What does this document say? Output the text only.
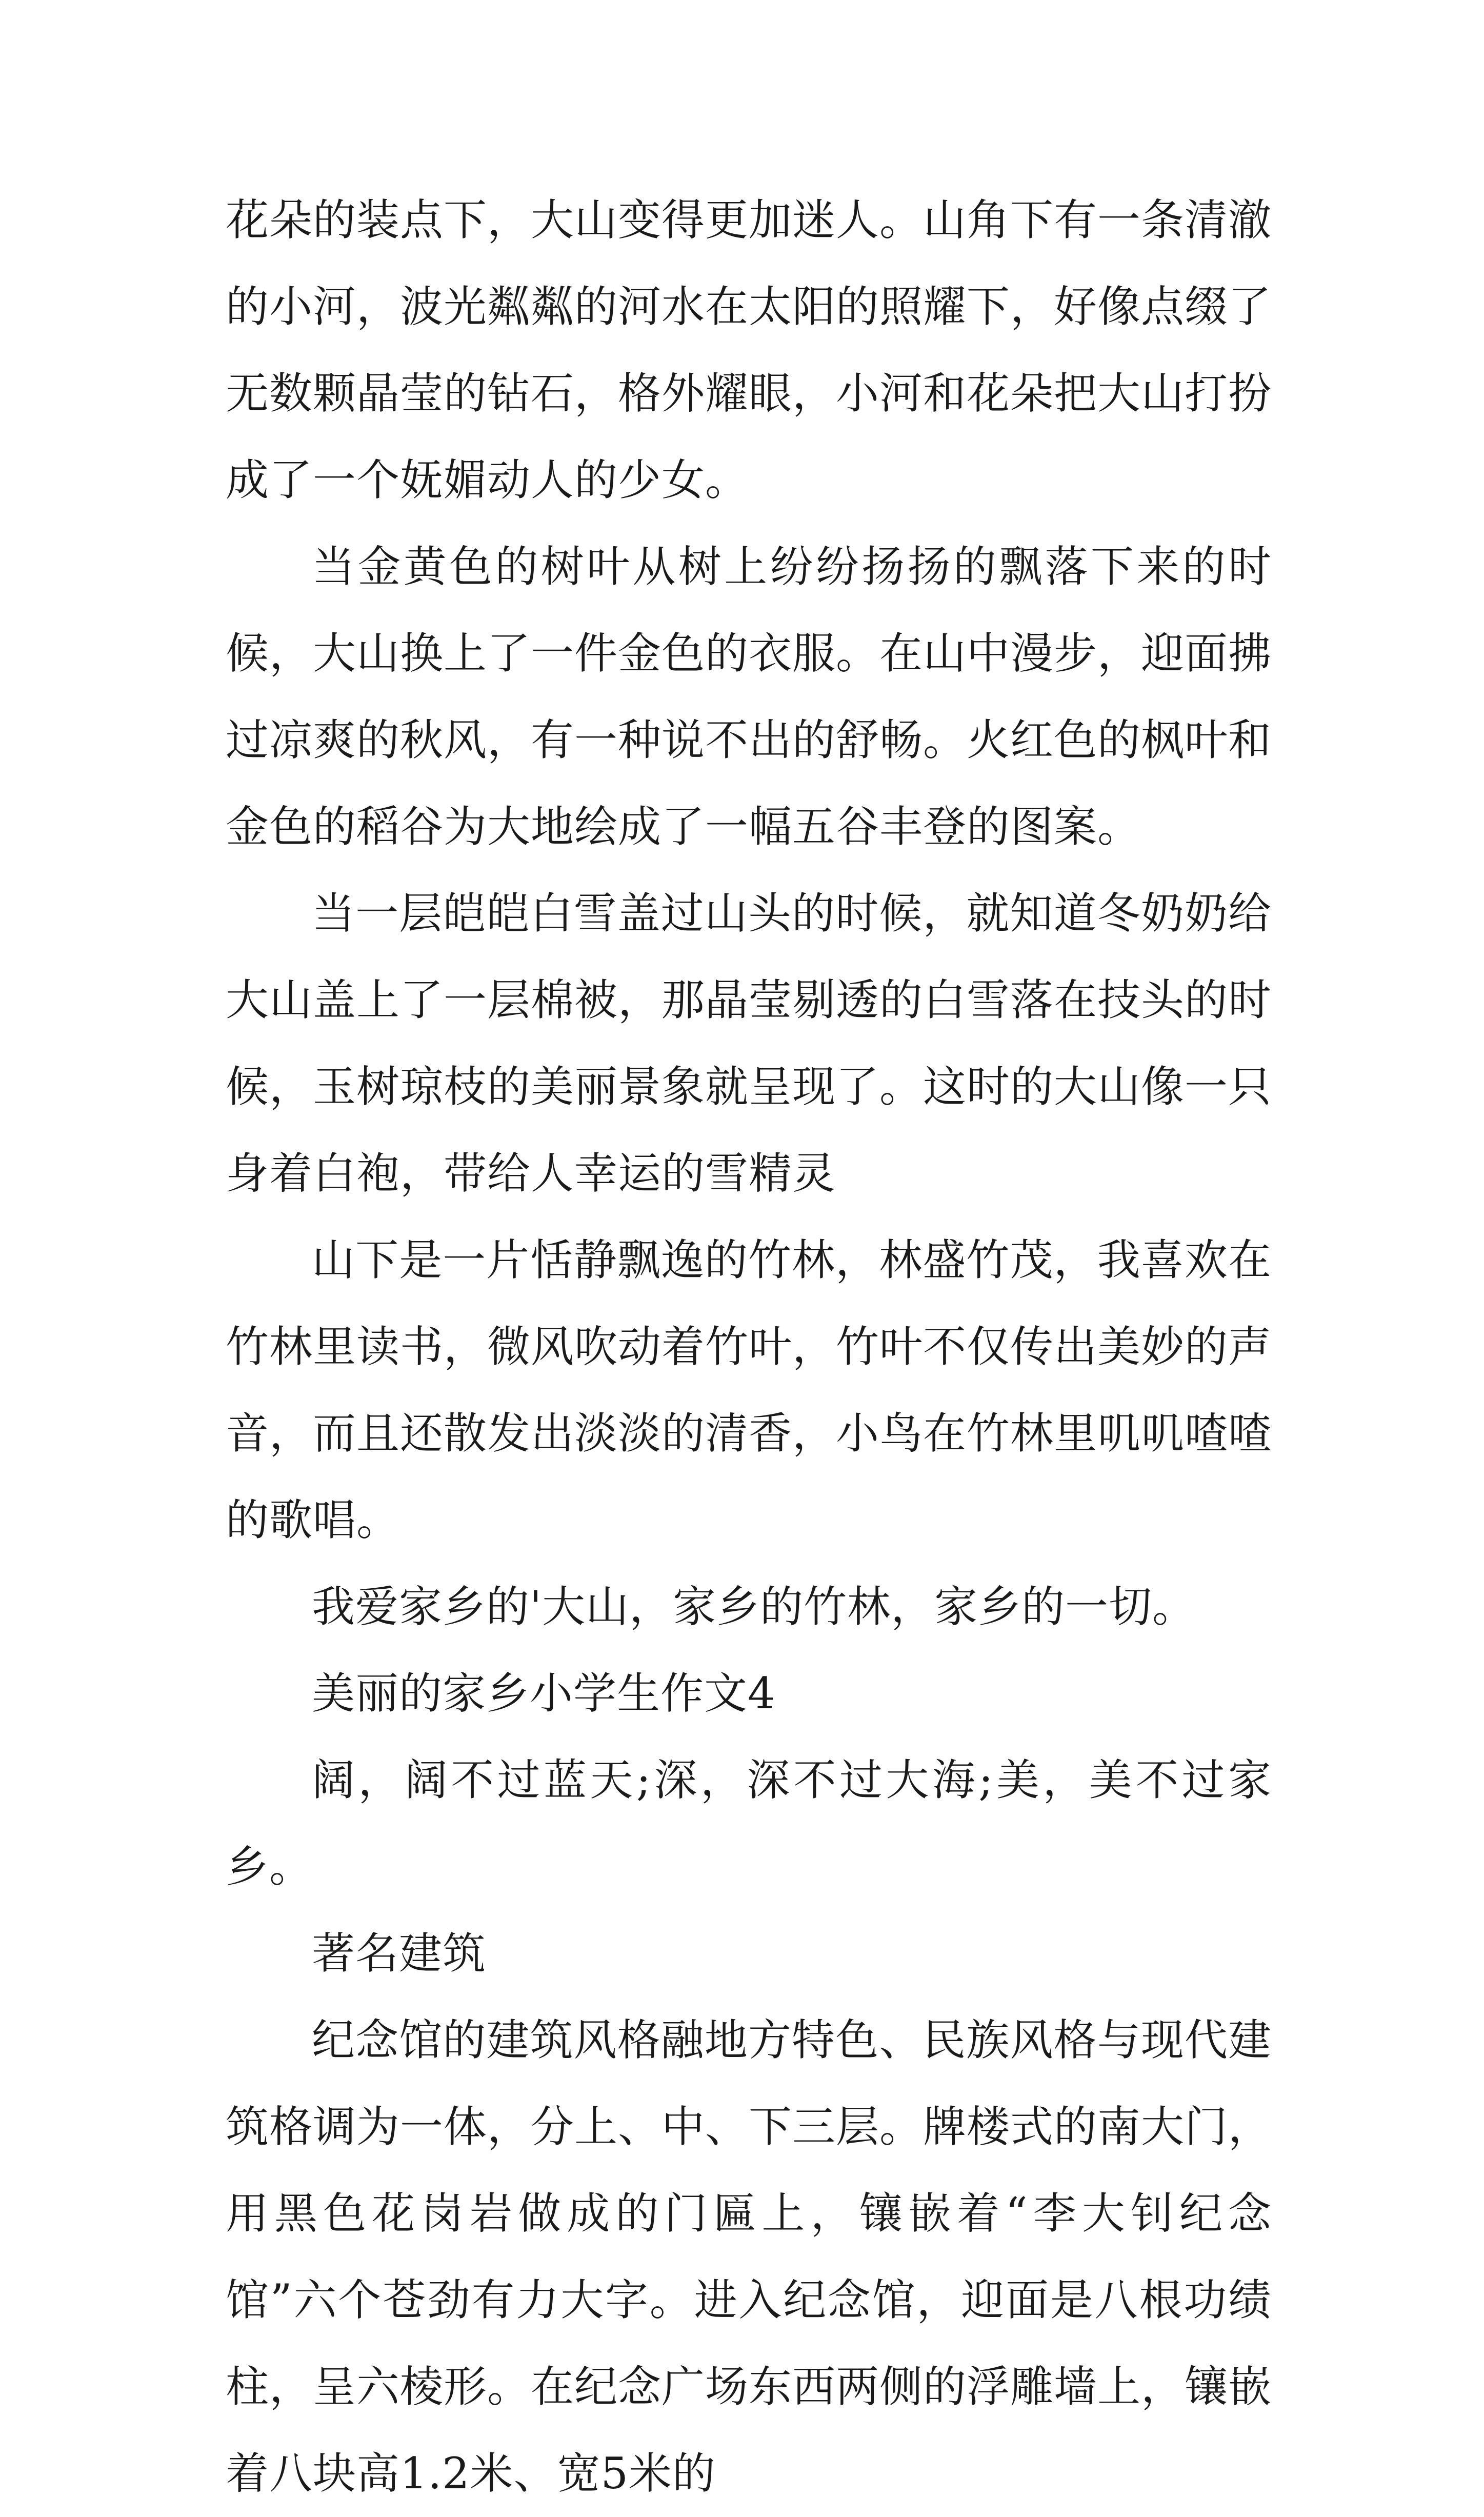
花朵的装点下，大山变得更加迷人。山角下有一条清澈的小河，波光粼粼的河水在太阳的照耀下，好像点缀了无数颗晶莹的钻石，格外耀眼，小河和花朵把大山打扮成了一个妩媚动人的少女。

当金黄色的树叶从树上纷纷扬扬的飘落下来的时候，大山换上了一件金色的衣服。在山中漫步，迎面拂过凉爽的秋风，有一种说不出的舒畅。火红色的枫叶和金色的稻谷为大地绘成了一幅五谷丰登的图案。

当一层皑皑白雪盖过山头的时候，就知道冬奶奶给大山盖上了一层棉被，那晶莹剔透的白雪落在技头的时候，玉树琼枝的美丽景象就呈现了。这时的大山像一只身着白袍，带给人幸运的雪精灵

山下是一片恬静飘逸的竹林，林盛竹茂，我喜欢在竹林里读书，微风吹动着竹叶，竹叶不仅传出美妙的声音，而且还散发出淡淡的清香，小鸟在竹林里叽叽喳喳的歌唱。

我爱家乡的'大山，家乡的竹林，家乡的一切。

美丽的家乡小学生作文4

阔，阔不过蓝天;深，深不过大海;美，美不过家乡。

著名建筑

纪念馆的建筑风格融地方特色、民族风格与现代建筑格调为一体，分上、中、下三层。牌楼式的南大门，用黑色花岗岩做成的门匾上，镶嵌着“李大钊纪念馆”六个苍劲有力大字。进入纪念馆，迎面是八根功绩柱，呈六棱形。在纪念广场东西两侧的浮雕墙上，镶嵌着八块高1.2米、宽5米的
